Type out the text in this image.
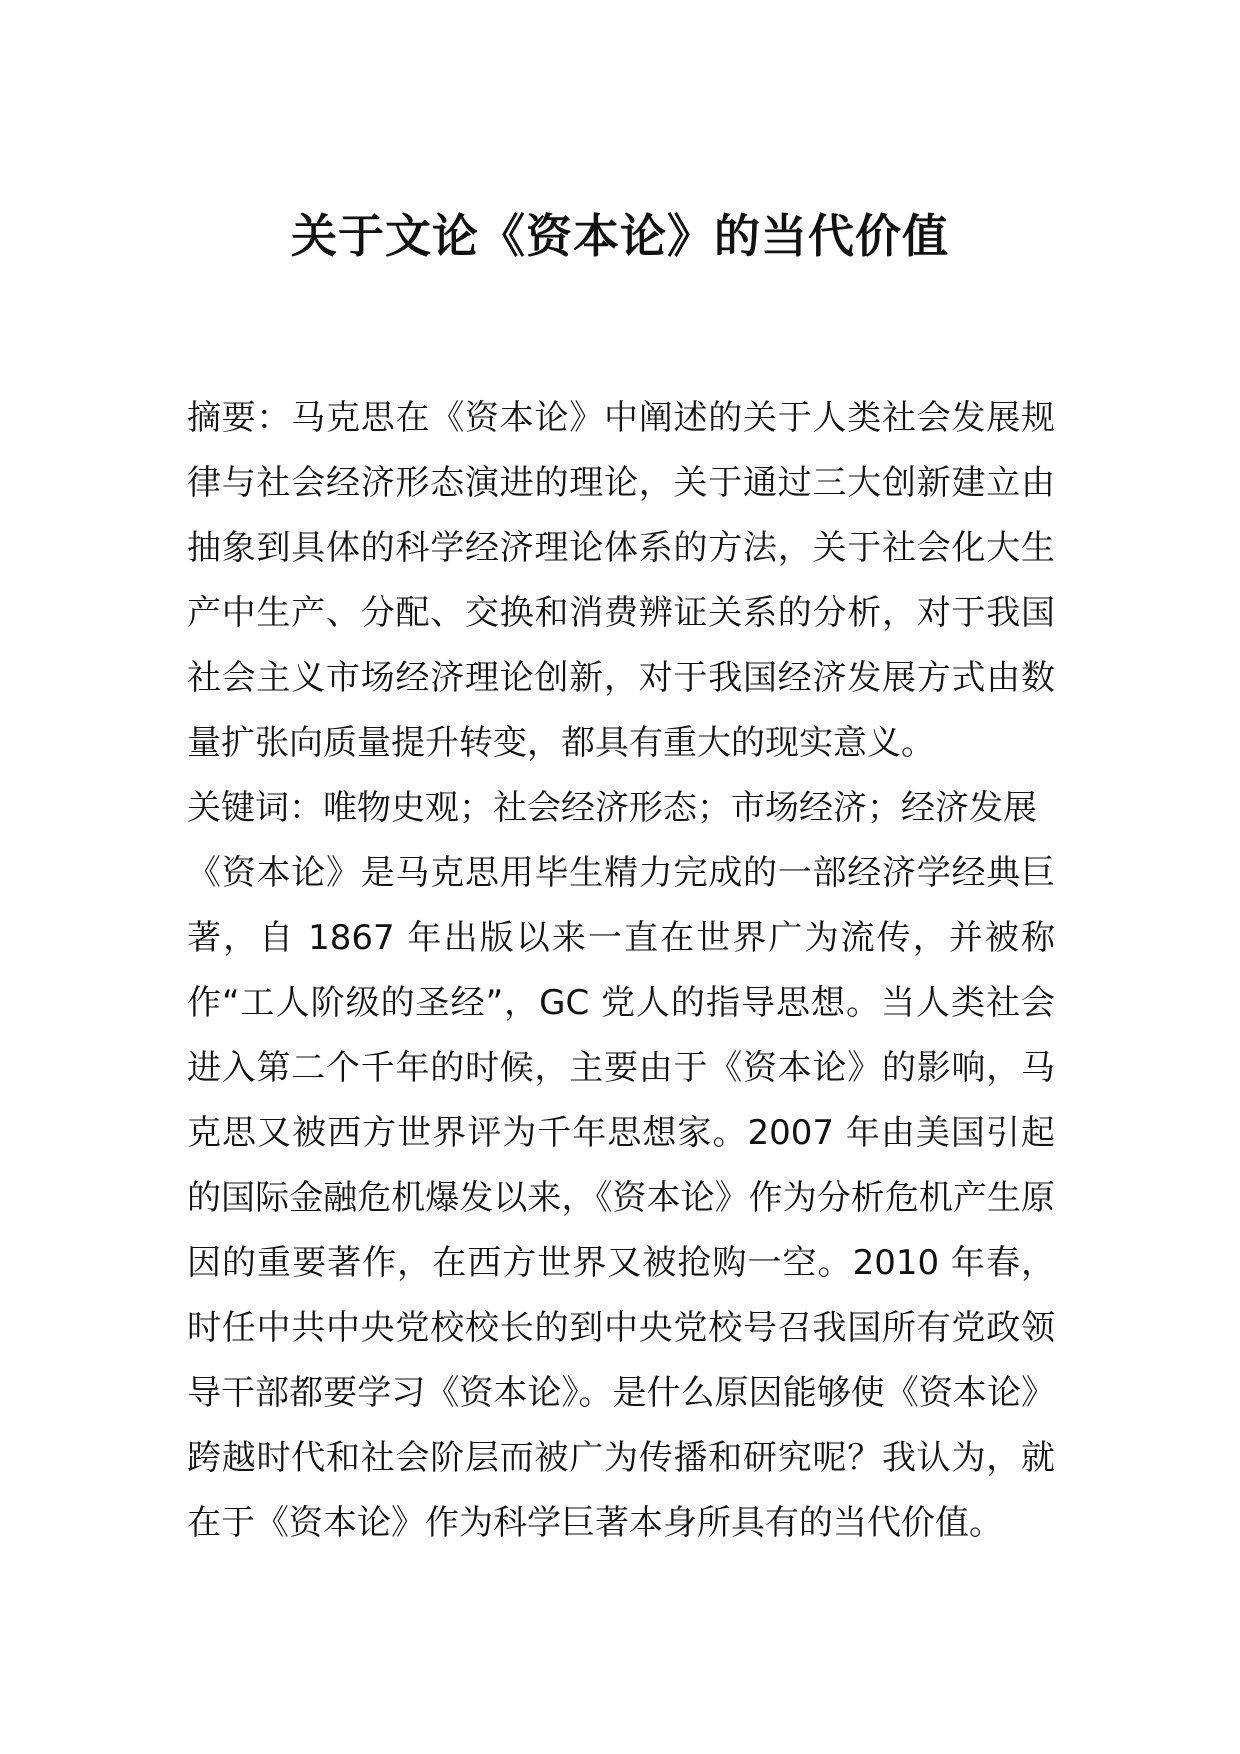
关于文论《资本论》的当代价值

摘要：马克思在《资本论》中阐述的关于人类社会发展规律与社会经济形态演进的理论，关于通过三大创新建立由抽象到具体的科学经济理论体系的方法，关于社会化大生产中生产、分配、交换和消费辨证关系的分析，对于我国社会主义市场经济理论创新，对于我国经济发展方式由数量扩张向质量提升转变，都具有重大的现实意义。

关键词：唯物史观；社会经济形态；市场经济；经济发展

《资本论》是马克思用毕生精力完成的一部经济学经典巨著，自 1867 年出版以来一直在世界广为流传，并被称作“工人阶级的圣经”，GC 党人的指导思想。当人类社会进入第二个千年的时候，主要由于《资本论》的影响，马克思又被西方世界评为千年思想家。2007 年由美国引起的国际金融危机爆发以来，《资本论》作为分析危机产生原因的重要著作，在西方世界又被抢购一空。2010 年春，时任中共中央党校校长的到中央党校号召我国所有党政领导干部都要学习《资本论》。是什么原因能够使《资本论》跨越时代和社会阶层而被广为传播和研究呢？我认为，就在于《资本论》作为科学巨著本身所具有的当代价值。
